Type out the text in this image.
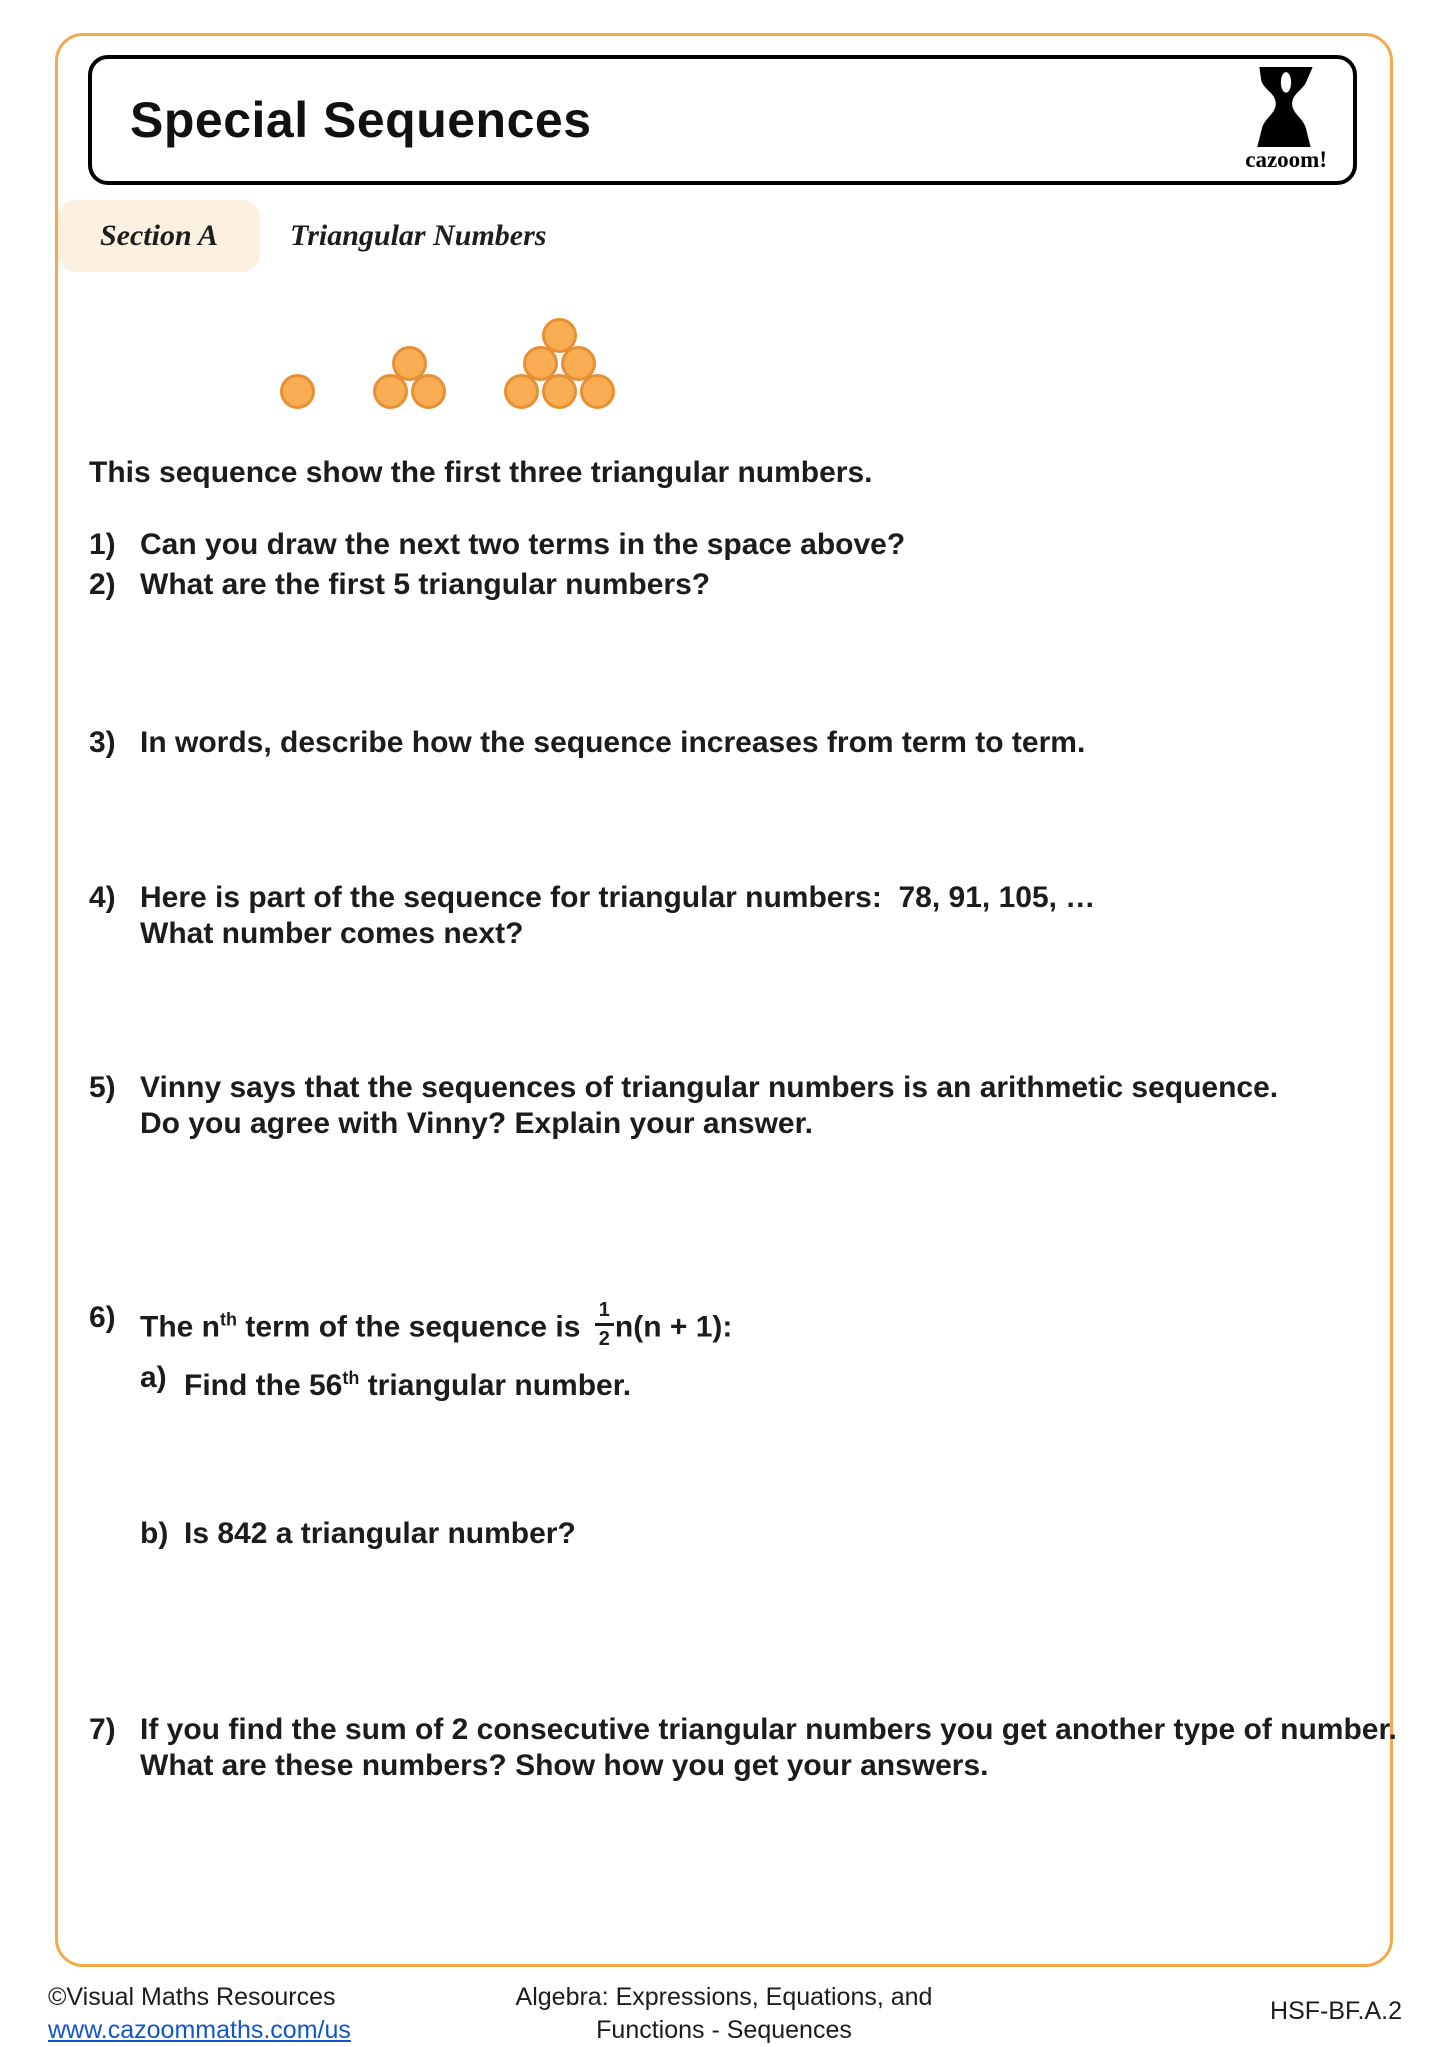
Special Sequences
cazoom!
Section A Triangular Numbers

This sequence show the first three triangular numbers.

1) Can you draw the next two terms in the space above?
2) What are the first 5 triangular numbers?
3) In words, describe how the sequence increases from term to term.
4) Here is part of the sequence for triangular numbers:  78, 91, 105, …
What number comes next?
5) Vinny says that the sequences of triangular numbers is an arithmetic sequence.
Do you agree with Vinny? Explain your answer.
6) The $n^{th}$ term of the sequence is $\frac{1}{2} n(n + 1)$:
a) Find the 56th triangular number.
b) Is 842 a triangular number?
7) If you find the sum of 2 consecutive triangular numbers you get another type of number.
What are these numbers? Show how you get your answers.
©Visual Maths Resources
www.cazoommaths.com/us
Algebra: Expressions, Equations, and
Functions - Sequences
HSF-BF.A.2
